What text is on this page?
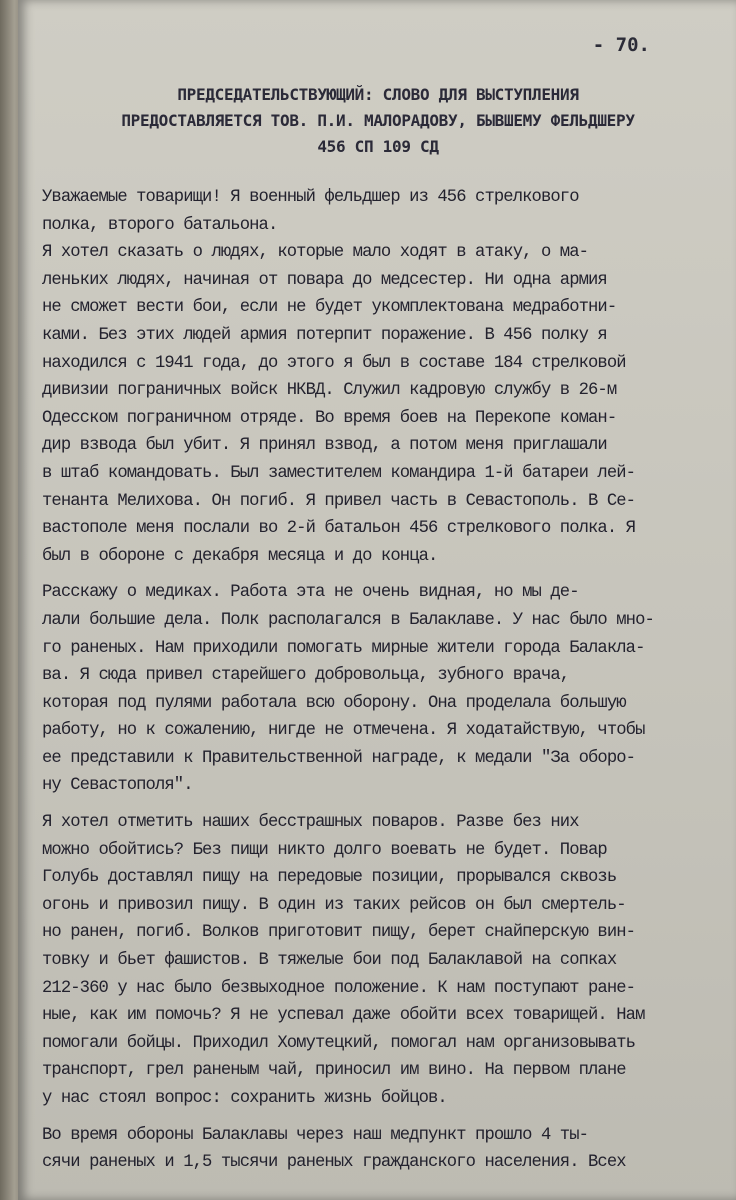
- 70.
ПРЕДСЕДАТЕЛЬСТВУЮЩИЙ: СЛОВО ДЛЯ ВЫСТУПЛЕНИЯ
ПРЕДОСТАВЛЯЕТСЯ ТОВ. П.И. МАЛОРАДОВУ, БЫВШЕМУ ФЕЛЬДШЕРУ
456 СП 109 СД
Уважаемые товарищи! Я военный фельдшер из 456 стрелкового
полка, второго батальона.
Я хотел сказать о людях, которые мало ходят в атаку, о ма-
леньких людях, начиная от повара до медсестер. Ни одна армия
не сможет вести бои, если не будет укомплектована медработни-
ками. Без этих людей армия потерпит поражение. В 456 полку я
находился с 1941 года, до этого я был в составе 184 стрелковой
дивизии пограничных войск НКВД. Служил кадровую службу в 26-м
Одесском пограничном отряде. Во время боев на Перекопе коман-
дир взвода был убит. Я принял взвод, а потом меня приглашали
в штаб командовать. Был заместителем командира 1-й батареи лей-
тенанта Мелихова. Он погиб. Я привел часть в Севастополь. В Се-
вастополе меня послали во 2-й батальон 456 стрелкового полка. Я
был в обороне с декабря месяца и до конца.
Расскажу о медиках. Работа эта не очень видная, но мы де-
лали большие дела. Полк располагался в Балаклаве. У нас было мно-
го раненых. Нам приходили помогать мирные жители города Балакла-
ва. Я сюда привел старейшего добровольца, зубного врача,
которая под пулями работала всю оборону. Она проделала большую
работу, но к сожалению, нигде не отмечена. Я ходатайствую, чтобы
ее представили к Правительственной награде, к медали "За оборо-
ну Севастополя".
Я хотел отметить наших бесстрашных поваров. Разве без них
можно обойтись? Без пищи никто долго воевать не будет. Повар
Голубь доставлял пищу на передовые позиции, прорывался сквозь
огонь и привозил пищу. В один из таких рейсов он был смертель-
но ранен, погиб. Волков приготовит пищу, берет снайперскую вин-
товку и бьет фашистов. В тяжелые бои под Балаклавой на сопках
212-360 у нас было безвыходное положение. К нам поступают ране-
ные, как им помочь? Я не успевал даже обойти всех товарищей. Нам
помогали бойцы. Приходил Хомутецкий, помогал нам организовывать
транспорт, грел раненым чай, приносил им вино. На первом плане
у нас стоял вопрос: сохранить жизнь бойцов.
Во время обороны Балаклавы через наш медпункт прошло 4 ты-
сячи раненых и 1,5 тысячи раненых гражданского населения. Всех
